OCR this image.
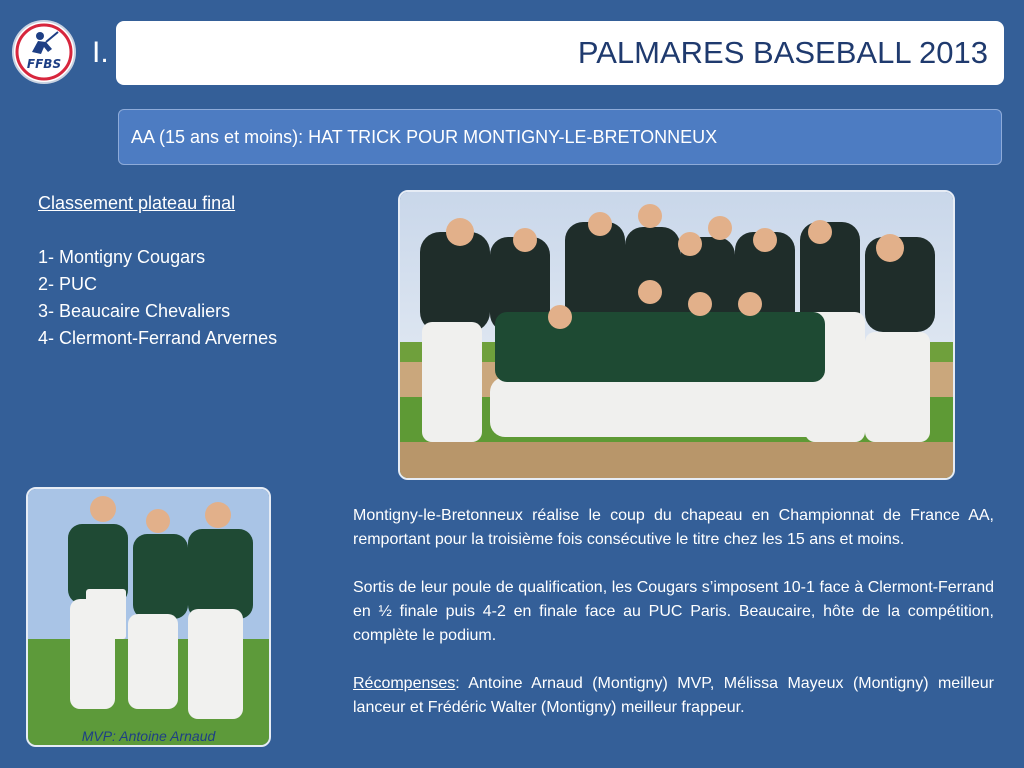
FFBS	I.	PALMARES BASEBALL 2013
AA (15 ans et moins): HAT TRICK POUR MONTIGNY-LE-BRETONNEUX
Classement plateau final
1- Montigny Cougars
2- PUC
3- Beaucaire Chevaliers
4- Clermont-Ferrand Arvernes
MVP: Antoine Arnaud

Montigny-le-Bretonneux réalise le coup du chapeau en Championnat de France AA, remportant pour la troisième fois consécutive le titre chez les 15 ans et moins.

Sortis de leur poule de qualification, les Cougars s’imposent 10-1 face à Clermont-Ferrand en ½ finale puis 4-2 en finale face au PUC Paris. Beaucaire, hôte de la compétition, complète le podium.

Récompenses: Antoine Arnaud (Montigny) MVP, Mélissa Mayeux (Montigny) meilleur lanceur et Frédéric Walter (Montigny) meilleur frappeur.
